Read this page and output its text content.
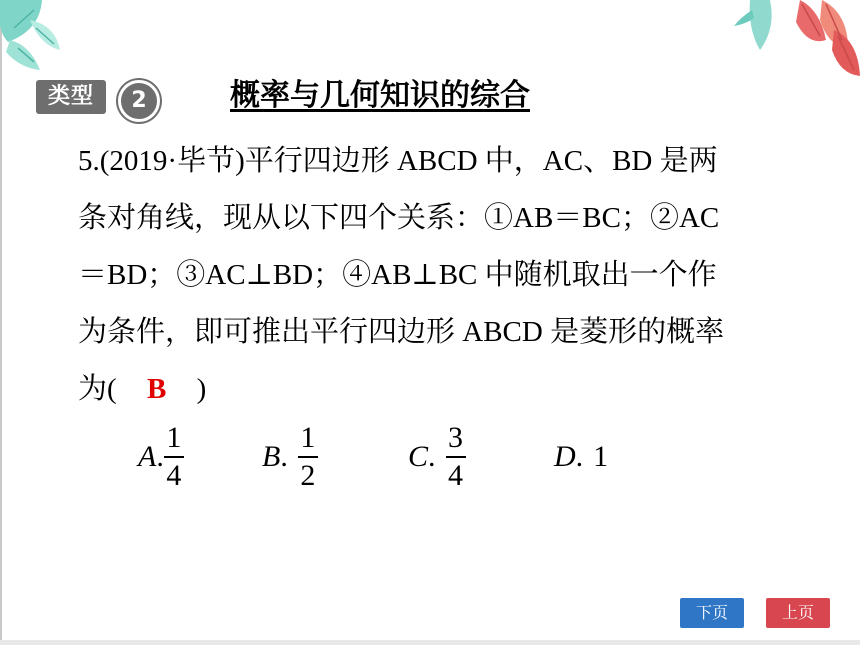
类型	2	概率与几何知识的综合
5.(2019·毕节)平行四边形 ABCD 中，AC、BD 是两
条对角线，现从以下四个关系：①AB＝BC；②AC
＝BD；③AC⊥BD；④AB⊥BC 中随机取出一个作
为条件，即可推出平行四边形 ABCD 是菱形的概率
为( B )
A . $\frac{1}{4}$	B . $\frac{1}{2}$	C . $\frac{3}{4}$	D . 1
下页	上页
